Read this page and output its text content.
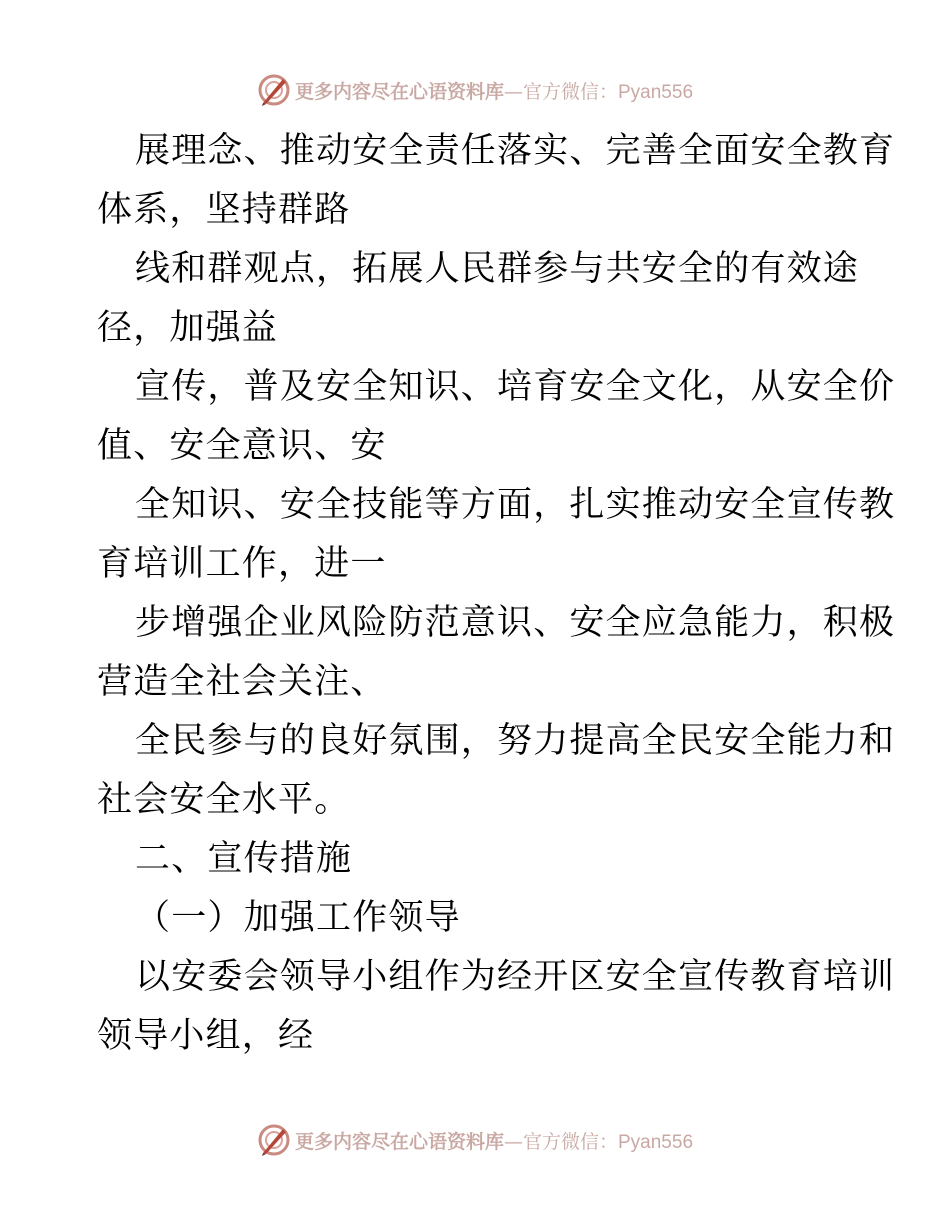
更多内容尽在心语资料库—官方微信：Pyan556
展理念、推动安全责任落实、完善全面安全教育
体系，坚持群路
线和群观点，拓展人民群参与共安全的有效途
径，加强益
宣传，普及安全知识、培育安全文化，从安全价
值、安全意识、安
全知识、安全技能等方面，扎实推动安全宣传教
育培训工作，进一
步增强企业风险防范意识、安全应急能力，积极
营造全社会关注、
全民参与的良好氛围，努力提高全民安全能力和
社会安全水平。
二、宣传措施
（一）加强工作领导
以安委会领导小组作为经开区安全宣传教育培训
领导小组，经
更多内容尽在心语资料库—官方微信：Pyan556
